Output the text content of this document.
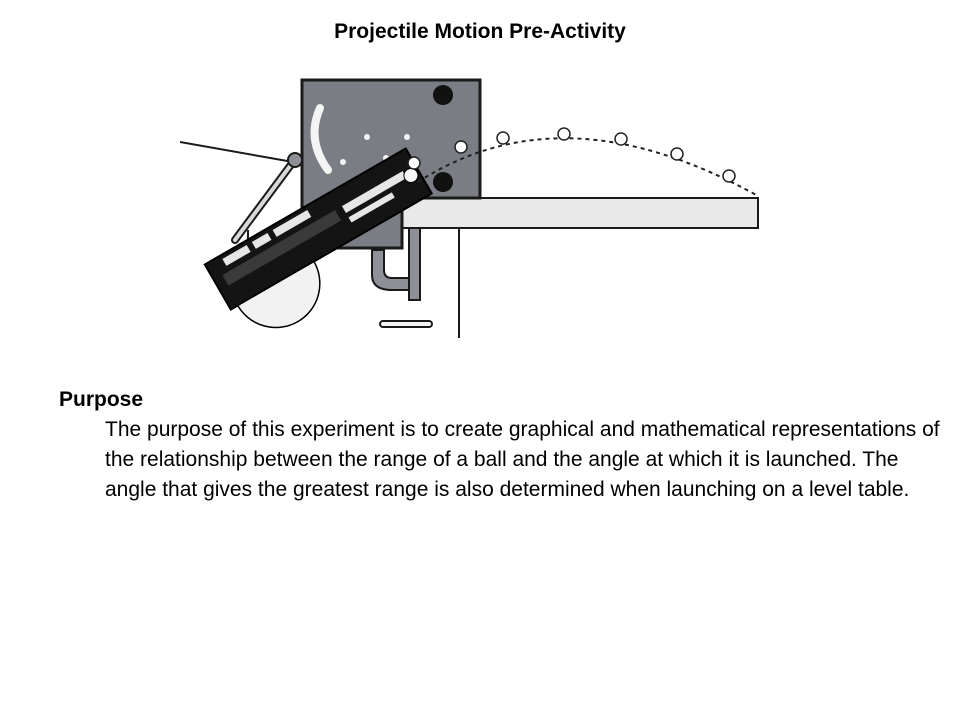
Projectile Motion Pre-Activity
Purpose
The purpose of this experiment is to create graphical and mathematical representations of the relationship between the range of a ball and the angle at which it is launched. The angle that gives the greatest range is also determined when launching on a level table.
